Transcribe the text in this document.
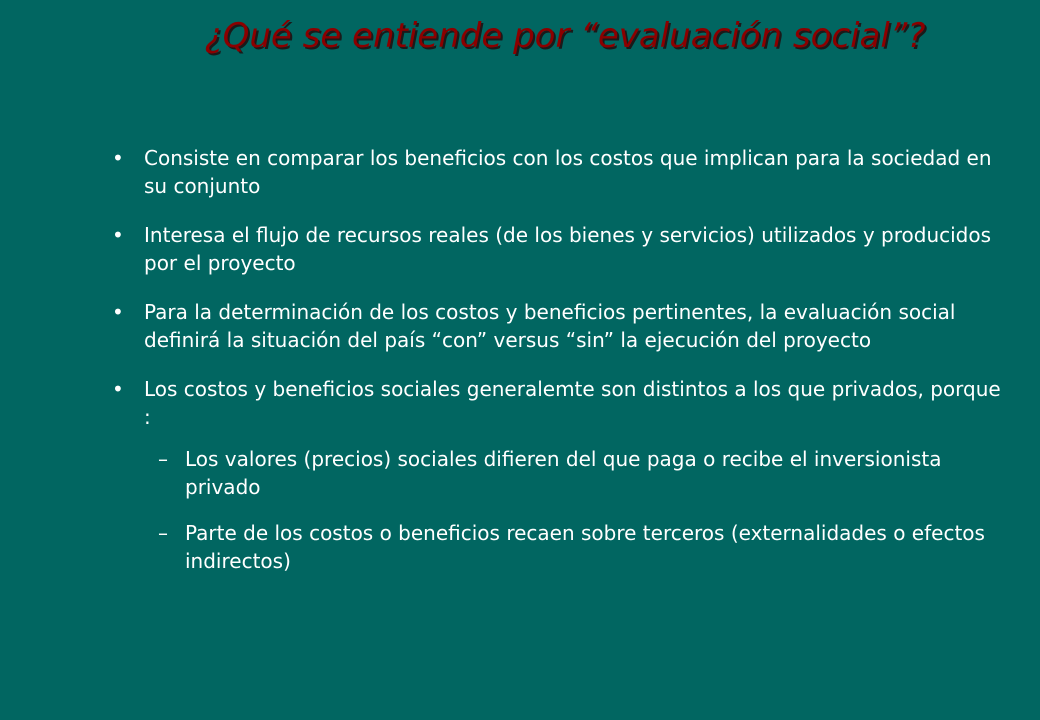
¿Qué se entiende por “evaluación social”?
• Consiste en comparar los beneficios con los costos que implican para la sociedad en su conjunto
• Interesa el flujo de recursos reales (de los bienes y servicios) utilizados y producidos por el proyecto
• Para la determinación de los costos y beneficios pertinentes, la evaluación social definirá la situación del país “con” versus “sin” la ejecución del proyecto
• Los costos y beneficios sociales generalemte son distintos a los que privados, porque :
– Los valores (precios) sociales difieren del que paga o recibe el inversionista privado
– Parte de los costos o beneficios recaen sobre terceros (externalidades o efectos indirectos)
